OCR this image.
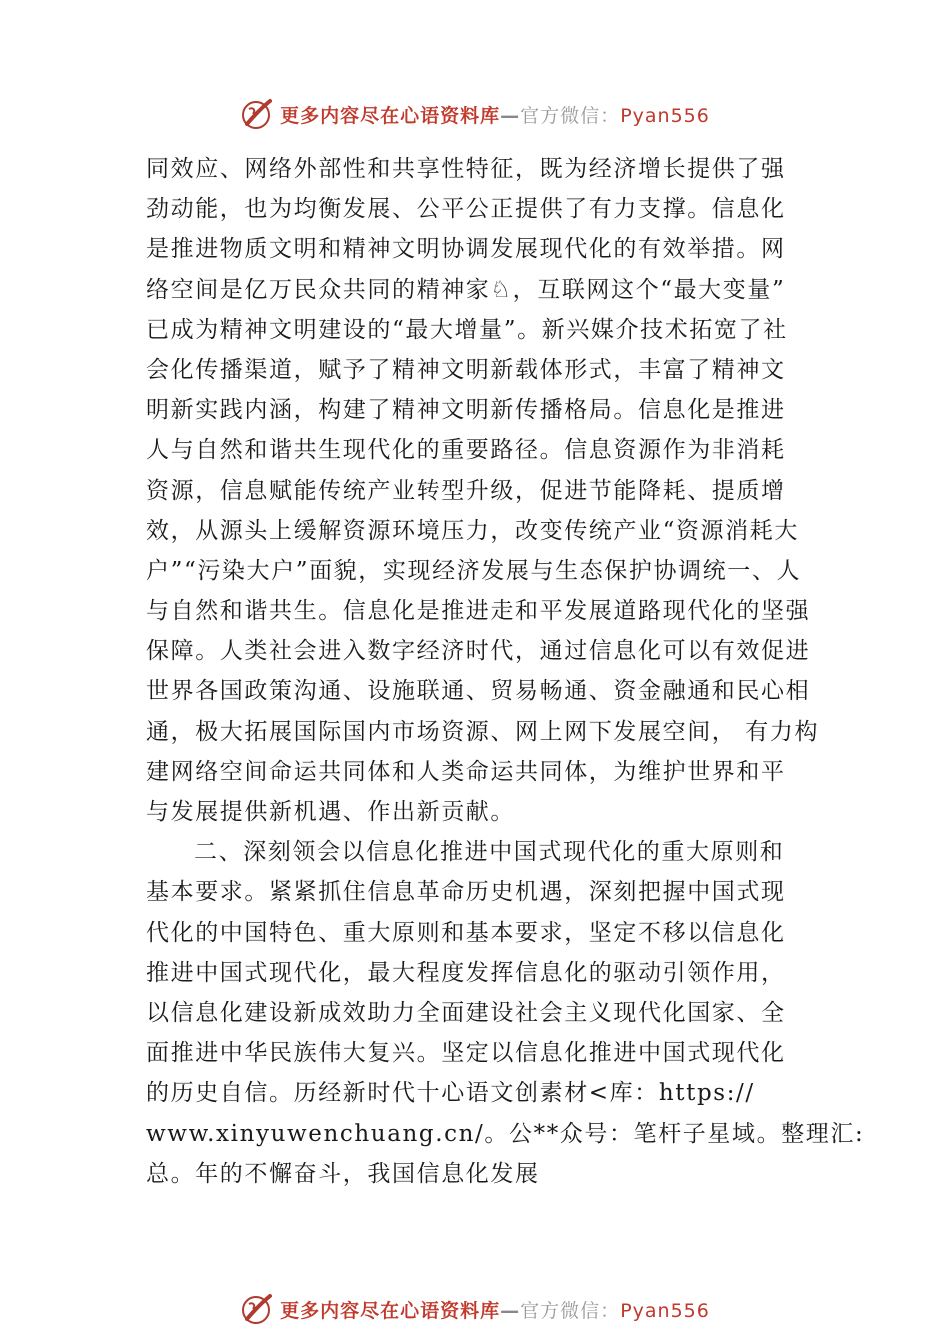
更多内容尽在心语资料库—官方微信：Pyan556
同效应、网络外部性和共享性特征，既为经济增长提供了强
劲动能，也为均衡发展、公平公正提供了有力支撑。信息化
是推进物质文明和精神文明协调发展现代化的有效举措。网
络空间是亿万民众共同的精神家♘，互联网这个“最大变量”
已成为精神文明建设的“最大增量”。新兴媒介技术拓宽了社
会化传播渠道，赋予了精神文明新载体形式，丰富了精神文
明新实践内涵，构建了精神文明新传播格局。信息化是推进
人与自然和谐共生现代化的重要路径。信息资源作为非消耗
资源，信息赋能传统产业转型升级，促进节能降耗、提质增
效，从源头上缓解资源环境压力，改变传统产业“资源消耗大
户”“污染大户”面貌，实现经济发展与生态保护协调统一、人
与自然和谐共生。信息化是推进走和平发展道路现代化的坚强
保障。人类社会进入数字经济时代，通过信息化可以有效促进
世界各国政策沟通、设施联通、贸易畅通、资金融通和民心相
通，极大拓展国际国内市场资源、网上网下发展空间， 有力构
建网络空间命运共同体和人类命运共同体，为维护世界和平
与发展提供新机遇、作出新贡献。
二、深刻领会以信息化推进中国式现代化的重大原则和
基本要求。紧紧抓住信息革命历史机遇，深刻把握中国式现
代化的中国特色、重大原则和基本要求，坚定不移以信息化
推进中国式现代化，最大程度发挥信息化的驱动引领作用，
以信息化建设新成效助力全面建设社会主义现代化国家、全
面推进中华民族伟大复兴。坚定以信息化推进中国式现代化
的历史自信。历经新时代十心语文创素材<库：https://
www.xinyuwenchuang.cn/。公**众号：笔杆子星域。整理汇:
总。年的不懈奋斗，我国信息化发展
更多内容尽在心语资料库—官方微信：Pyan556
